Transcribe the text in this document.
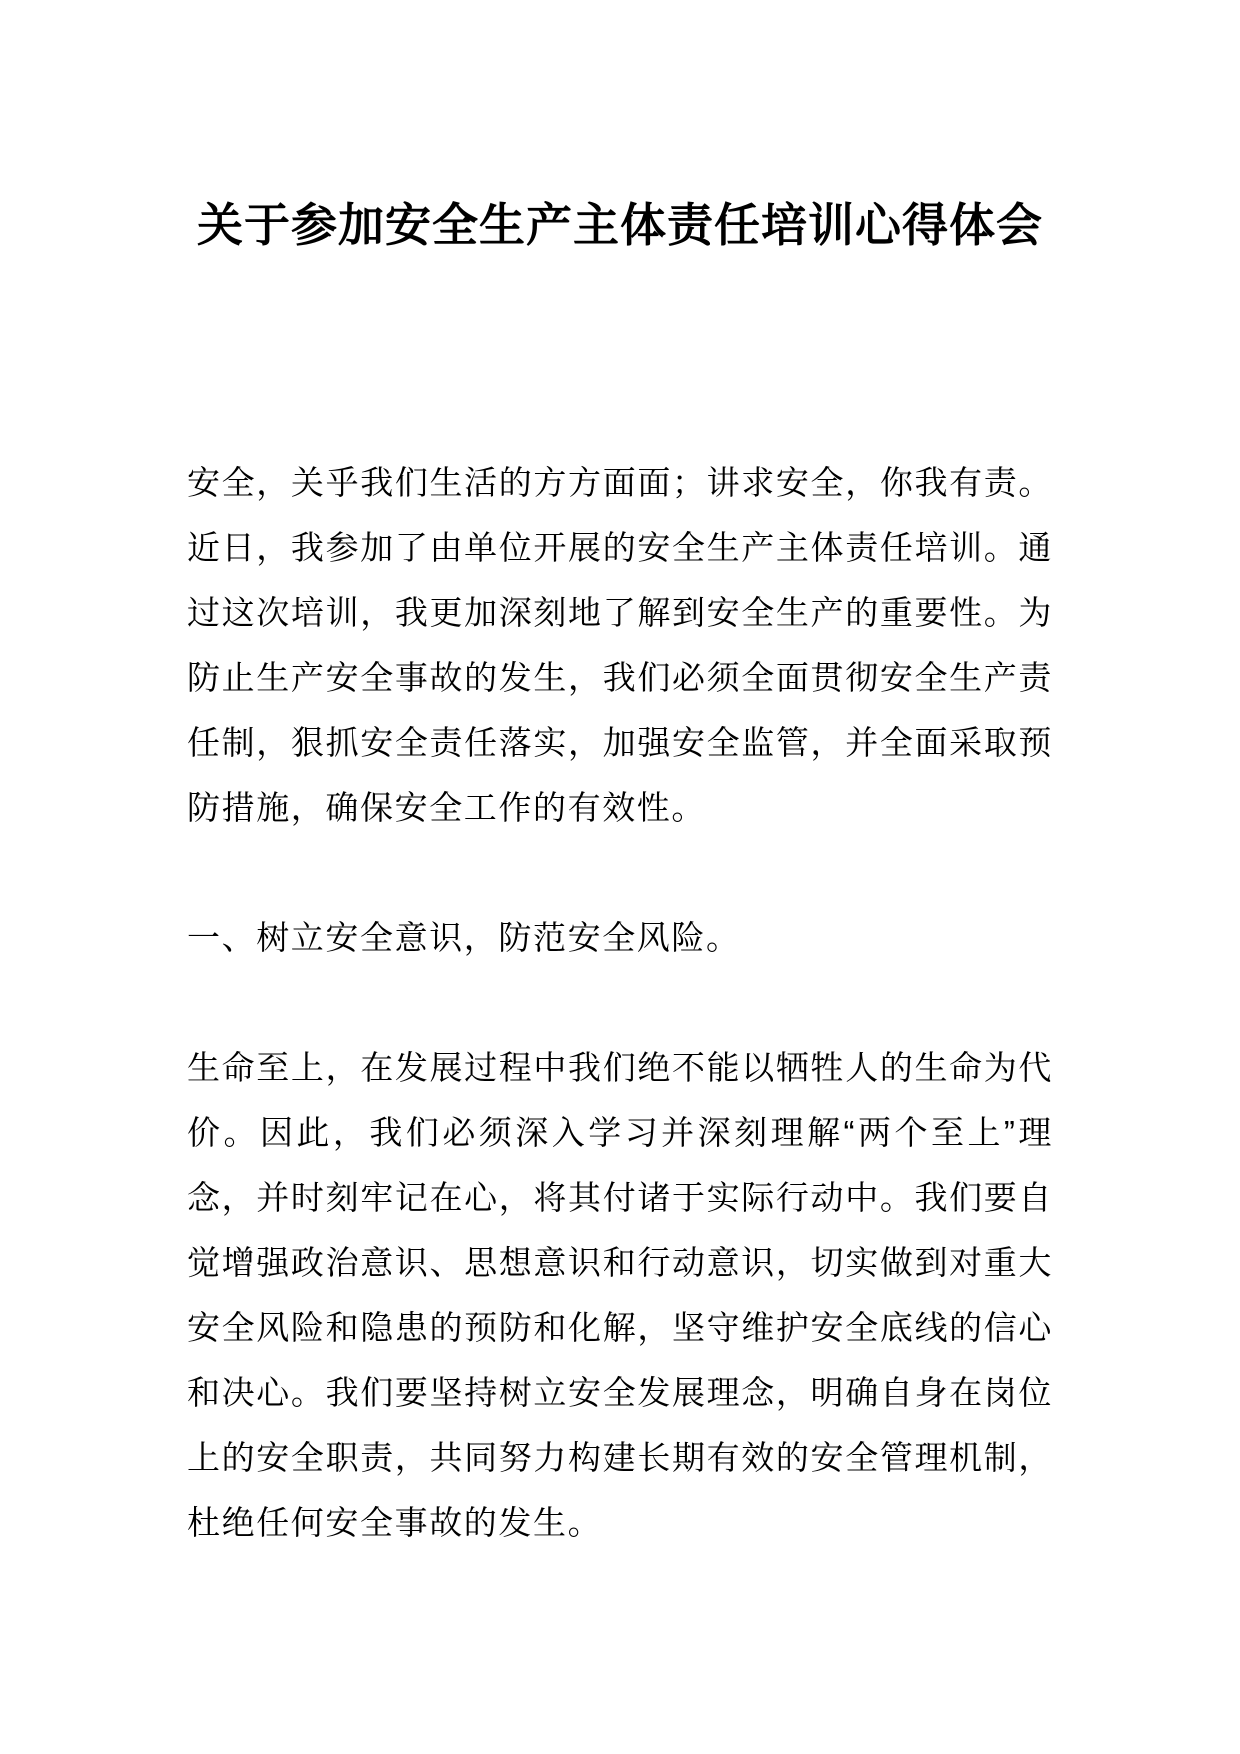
关于参加安全生产主体责任培训心得体会

安全，关乎我们生活的方方面面；讲求安全，你我有责。近日，我参加了由单位开展的安全生产主体责任培训。通过这次培训，我更加深刻地了解到安全生产的重要性。为防止生产安全事故的发生，我们必须全面贯彻安全生产责任制，狠抓安全责任落实，加强安全监管，并全面采取预防措施，确保安全工作的有效性。

一、树立安全意识，防范安全风险。

生命至上，在发展过程中我们绝不能以牺牲人的生命为代价。因此，我们必须深入学习并深刻理解“两个至上”理念，并时刻牢记在心，将其付诸于实际行动中。我们要自觉增强政治意识、思想意识和行动意识，切实做到对重大安全风险和隐患的预防和化解，坚守维护安全底线的信心和决心。我们要坚持树立安全发展理念，明确自身在岗位上的安全职责，共同努力构建长期有效的安全管理机制，杜绝任何安全事故的发生。
